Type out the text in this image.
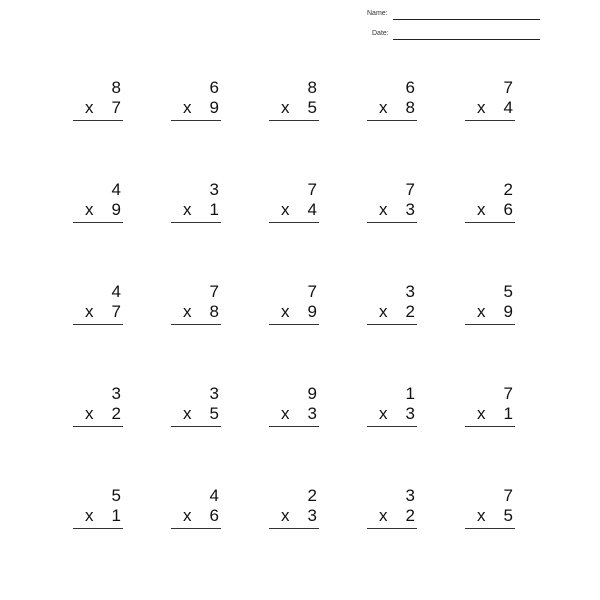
Name:
Date:
8
x 7
6
x 9
8
x 5
6
x 8
7
x 4
4
x 9
3
x 1
7
x 4
7
x 3
2
x 6
4
x 7
7
x 8
7
x 9
3
x 2
5
x 9
3
x 2
3
x 5
9
x 3
1
x 3
7
x 1
5
x 1
4
x 6
2
x 3
3
x 2
7
x 5
